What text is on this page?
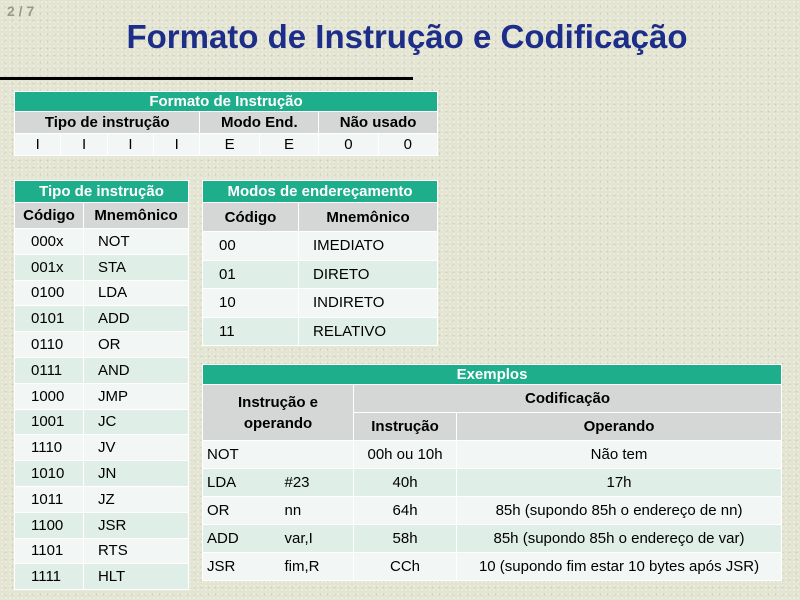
2 / 7
Formato de Instrução e Codificação
Formato de Instrução							
Tipo de instrução				Modo End.		Não usado	
I	I	I	I	E	E	0	0
Tipo de instrução	
Código	Mnemônico
000x	NOT
001x	STA
0100	LDA
0101	ADD
0110	OR
0111	AND
1000	JMP
1001	JC
1110	JV
1010	JN
1011	JZ
1100	JSR
1101	RTS
1111	HLT
Modos de endereçamento	
Código	Mnemônico
00	IMEDIATO
01	DIRETO
10	INDIRETO
11	RELATIVO
Exemplos			
Instrução e
operando		Codificação	
		Instrução	Operando
NOT		00h ou 10h	Não tem
LDA	#23	40h	17h
OR	nn	64h	85h (supondo 85h o endereço de nn)
ADD	var,I	58h	85h (supondo 85h o endereço de var)
JSR	fim,R	CCh	10 (supondo fim estar 10 bytes após JSR)
